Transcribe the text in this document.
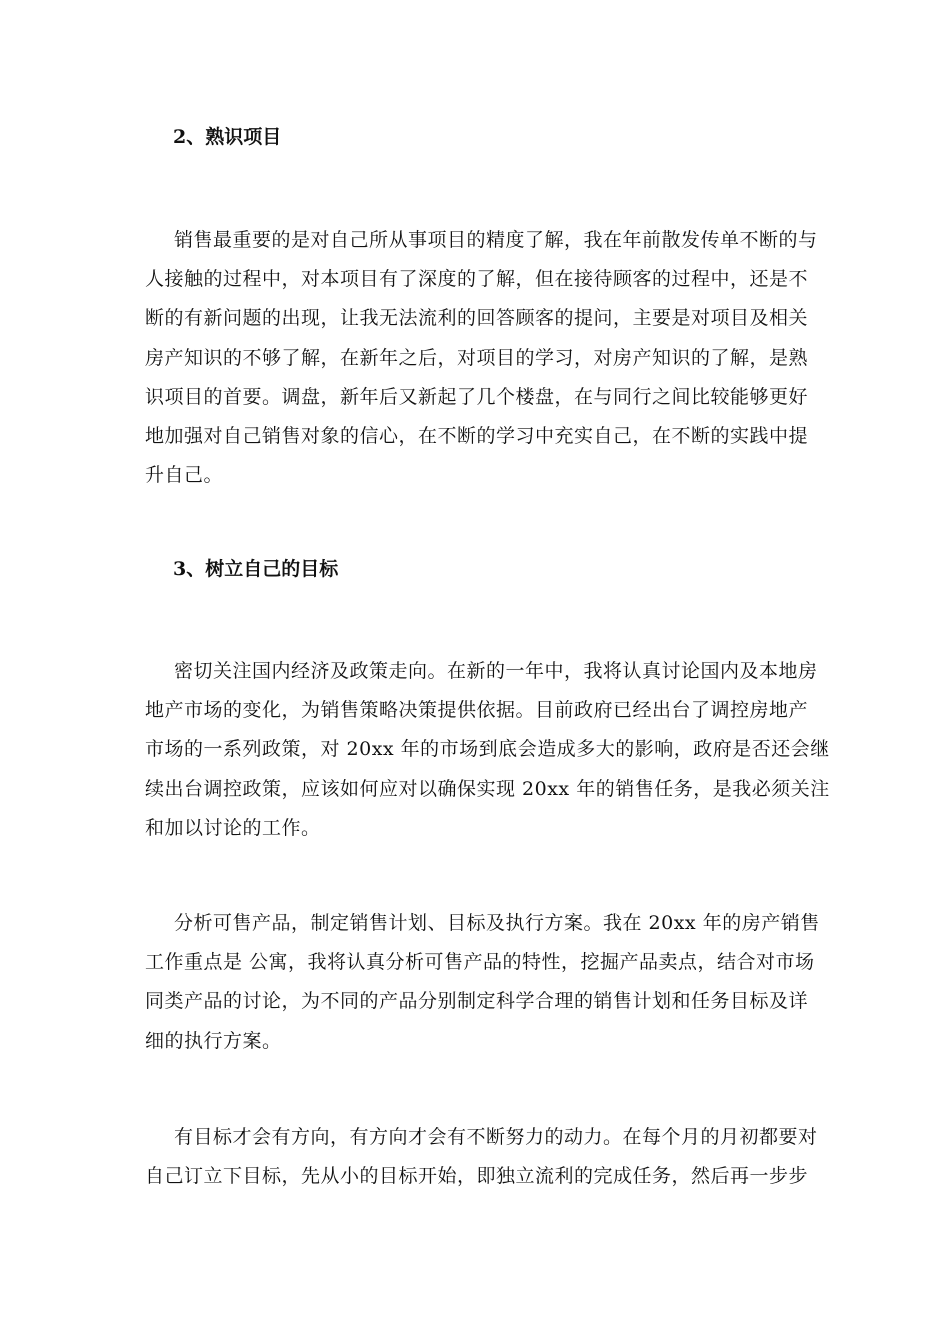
2、熟识项目
销售最重要的是对自己所从事项目的精度了解，我在年前散发传单不断的与
人接触的过程中，对本项目有了深度的了解，但在接待顾客的过程中，还是不
断的有新问题的出现，让我无法流利的回答顾客的提问，主要是对项目及相关
房产知识的不够了解，在新年之后，对项目的学习，对房产知识的了解，是熟
识项目的首要。调盘，新年后又新起了几个楼盘，在与同行之间比较能够更好
地加强对自己销售对象的信心，在不断的学习中充实自己，在不断的实践中提
升自己。
3、树立自己的目标
密切关注国内经济及政策走向。在新的一年中，我将认真讨论国内及本地房
地产市场的变化，为销售策略决策提供依据。目前政府已经出台了调控房地产
市场的一系列政策，对 20xx 年的市场到底会造成多大的影响，政府是否还会继
续出台调控政策，应该如何应对以确保实现 20xx 年的销售任务，是我必须关注
和加以讨论的工作。
分析可售产品，制定销售计划、目标及执行方案。我在 20xx 年的房产销售
工作重点是 公寓，我将认真分析可售产品的特性，挖掘产品卖点，结合对市场
同类产品的讨论，为不同的产品分别制定科学合理的销售计划和任务目标及详
细的执行方案。
有目标才会有方向，有方向才会有不断努力的动力。在每个月的月初都要对
自己订立下目标，先从小的目标开始，即独立流利的完成任务，然后再一步步
